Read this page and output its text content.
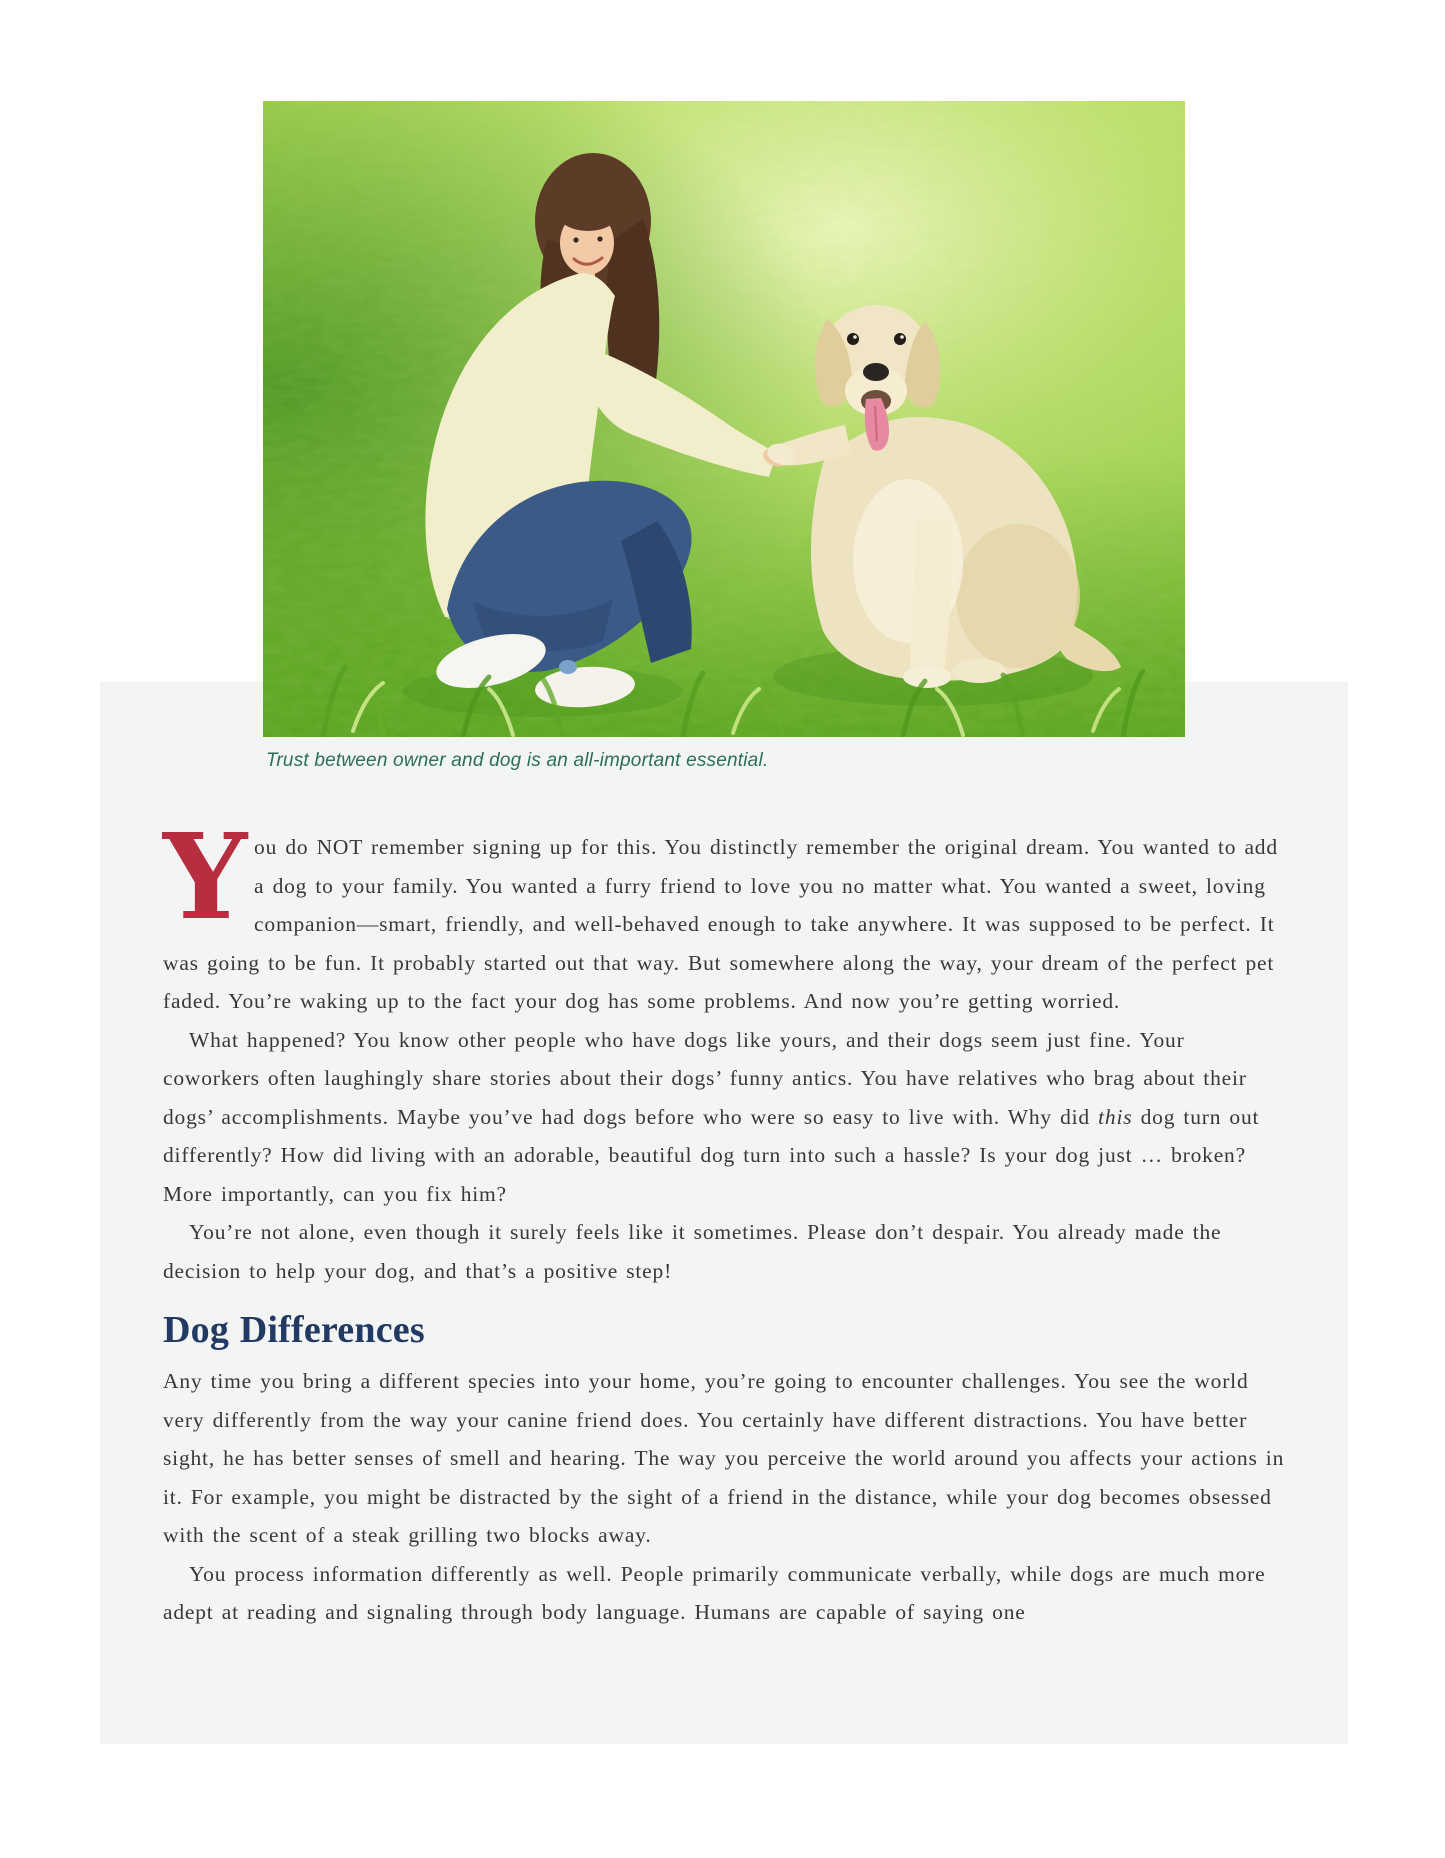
Trust between owner and dog is an all-important essential.

You do NOT remember signing up for this. You distinctly remember the original dream. You wanted to add a dog to your family. You wanted a furry friend to love you no matter what. You wanted a sweet, loving companion—smart, friendly, and well-behaved enough to take anywhere. It was supposed to be perfect. It was going to be fun. It probably started out that way. But somewhere along the way, your dream of the perfect pet faded. You’re waking up to the fact your dog has some problems. And now you’re getting worried.

What happened? You know other people who have dogs like yours, and their dogs seem just fine. Your coworkers often laughingly share stories about their dogs’ funny antics. You have relatives who brag about their dogs’ accomplishments. Maybe you’ve had dogs before who were so easy to live with. Why did this dog turn out differently? How did living with an adorable, beautiful dog turn into such a hassle? Is your dog just … broken? More importantly, can you fix him?

You’re not alone, even though it surely feels like it sometimes. Please don’t despair. You already made the decision to help your dog, and that’s a positive step!

Dog Differences

Any time you bring a different species into your home, you’re going to encounter challenges. You see the world very differently from the way your canine friend does. You certainly have different distractions. You have better sight, he has better senses of smell and hearing. The way you perceive the world around you affects your actions in it. For example, you might be distracted by the sight of a friend in the distance, while your dog becomes obsessed with the scent of a steak grilling two blocks away.

You process information differently as well. People primarily communicate verbally, while dogs are much more adept at reading and signaling through body language. Humans are capable of saying one
